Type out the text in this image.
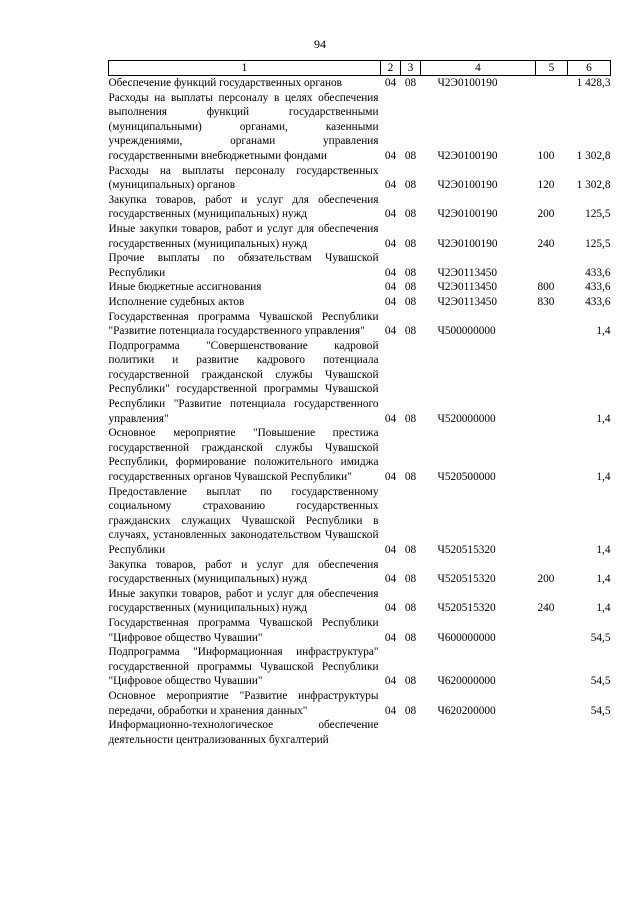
94
1	2	3	4	5	6
Обеспечение функций государственных органов	04	08	Ч2Э0100190		1 428,3
Расходы на выплаты персоналу в целях обеспечения выполнения функций государственными (муниципальными) органами, казенными учреждениями, органами управления государственными внебюджетными фондами	04	08	Ч2Э0100190	100	1 302,8
Расходы на выплаты персоналу государственных (муниципальных) органов	04	08	Ч2Э0100190	120	1 302,8
Закупка товаров, работ и услуг для обеспечения государственных (муниципальных) нужд	04	08	Ч2Э0100190	200	125,5
Иные закупки товаров, работ и услуг для обеспечения государственных (муниципальных) нужд	04	08	Ч2Э0100190	240	125,5
Прочие выплаты по обязательствам Чувашской Республики	04	08	Ч2Э0113450		433,6
Иные бюджетные ассигнования	04	08	Ч2Э0113450	800	433,6
Исполнение судебных актов	04	08	Ч2Э0113450	830	433,6
Государственная программа Чувашской Республики "Развитие потенциала государственного управления"	04	08	Ч500000000		1,4
Подпрограмма "Совершенствование кадровой политики и развитие кадрового потенциала государственной гражданской службы Чувашской Республики" государственной программы Чувашской Республики "Развитие потенциала государственного управления"	04	08	Ч520000000		1,4
Основное мероприятие "Повышение престижа государственной гражданской службы Чувашской Республики, формирование положительного имиджа государственных органов Чувашской Республики"	04	08	Ч520500000		1,4
Предоставление выплат по государственному социальному страхованию государственных гражданских служащих Чувашской Республики в случаях, установленных законодательством Чувашской Республики	04	08	Ч520515320		1,4
Закупка товаров, работ и услуг для обеспечения государственных (муниципальных) нужд	04	08	Ч520515320	200	1,4
Иные закупки товаров, работ и услуг для обеспечения государственных (муниципальных) нужд	04	08	Ч520515320	240	1,4
Государственная программа Чувашской Республики "Цифровое общество Чувашии"	04	08	Ч600000000		54,5
Подпрограмма "Информационная инфраструктура" государственной программы Чувашской Республики "Цифровое общество Чувашии"	04	08	Ч620000000		54,5
Основное мероприятие "Развитие инфраструктуры передачи, обработки и хранения данных"	04	08	Ч620200000		54,5
Информационно-технологическое обеспечение деятельности централизованных бухгалтерий					
